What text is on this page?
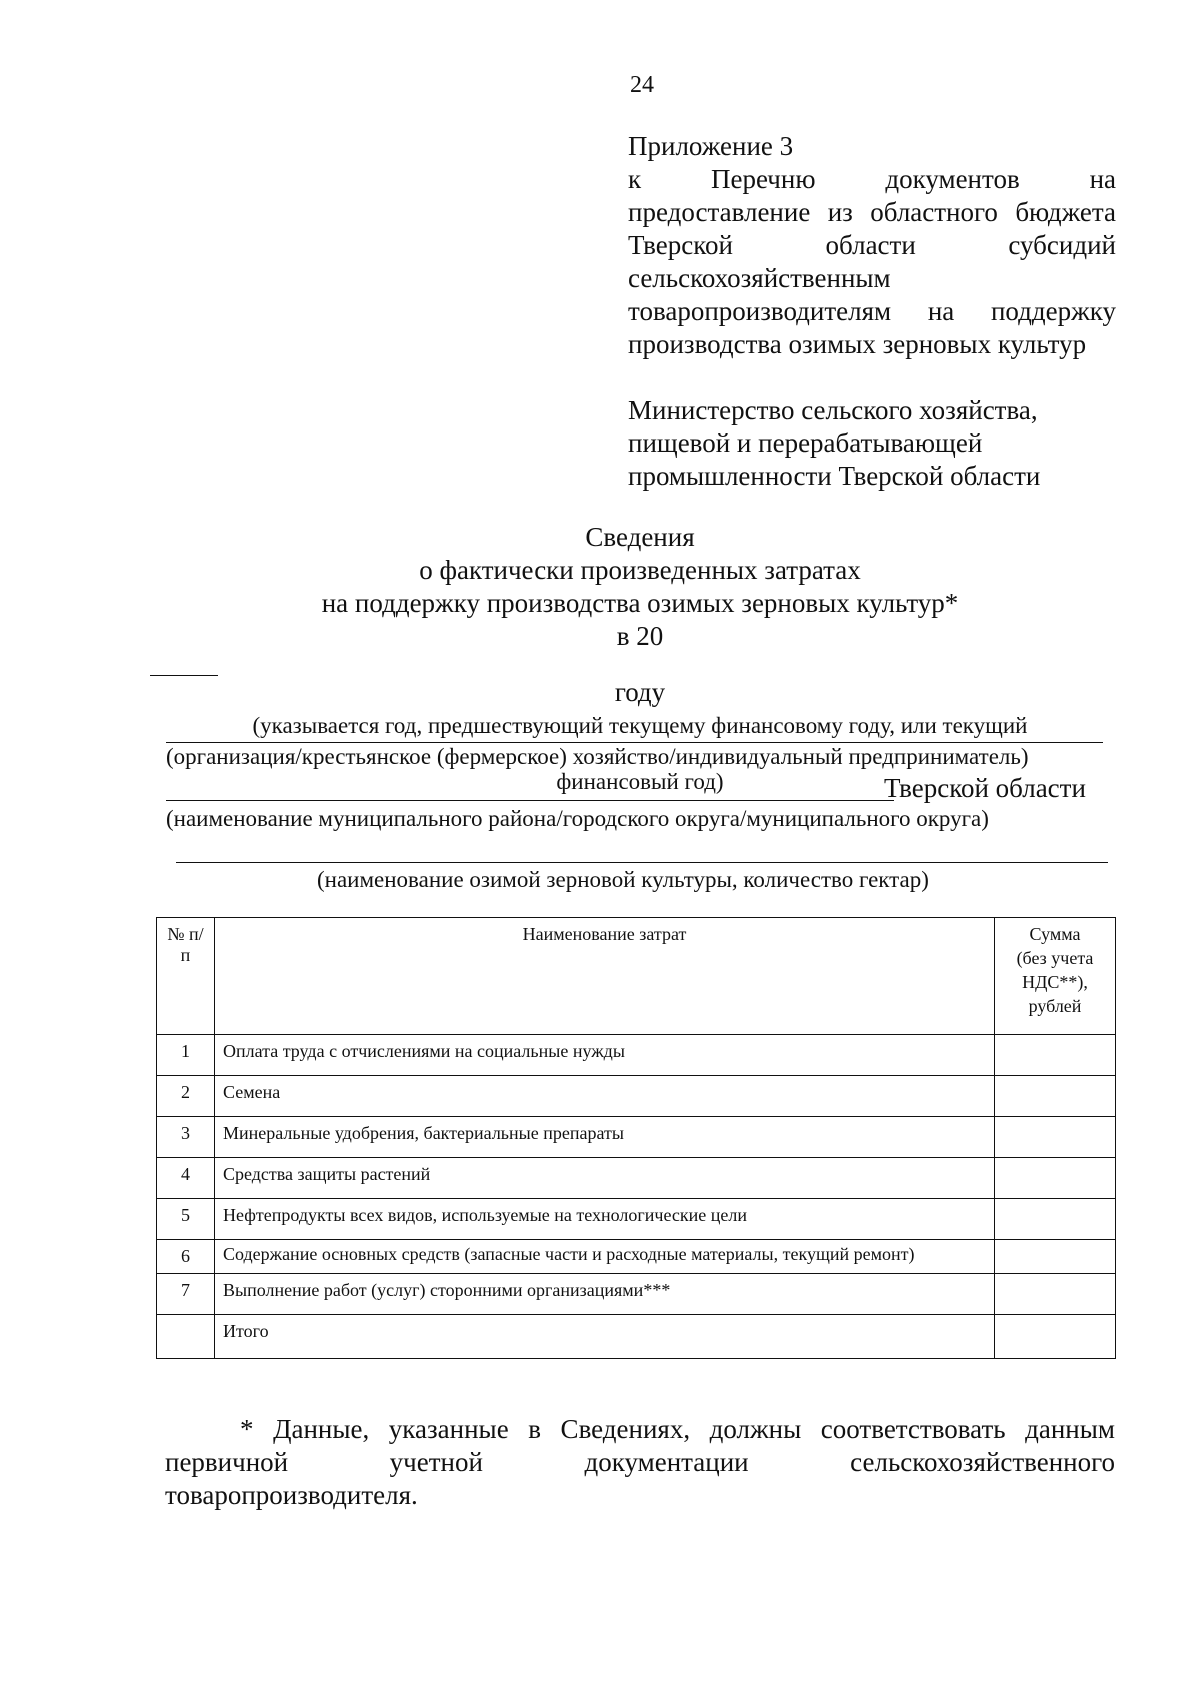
24

Приложение 3

к Перечню документов на
предоставление из областного бюджета
Тверской области субсидий
сельскохозяйственным
товаропроизводителям на поддержку
производства озимых зерновых культур
Министерство сельского хозяйства,
пищевой и перерабатывающей
промышленности Тверской области
Сведения
о фактически произведенных затратах
на поддержку производства озимых зерновых культур*
в 20
году
(указывается год, предшествующий текущему финансовому году, или текущий

финансовый год)
(организация/крестьянское (фермерское) хозяйство/индивидуальный предприниматель)
Тверской области
(наименование муниципального района/городского округа/муниципального округа)
(наименование озимой зерновой культуры, количество гектар)
№ п/п	Наименование затрат	Сумма
(без учета
НДС**),
рублей
1	Оплата труда с отчислениями на социальные нужды	
2	Семена	
3	Минеральные удобрения, бактериальные препараты	
4	Средства защиты растений	
5	Нефтепродукты всех видов, используемые на технологические цели	
6	Содержание основных средств (запасные части и расходные материалы, текущий ремонт)	
7	Выполнение работ (услуг) сторонними организациями***	
	Итого	
* Данные, указанные в Сведениях, должны соответствовать данным
первичной учетной документации сельскохозяйственного
товаропроизводителя.
